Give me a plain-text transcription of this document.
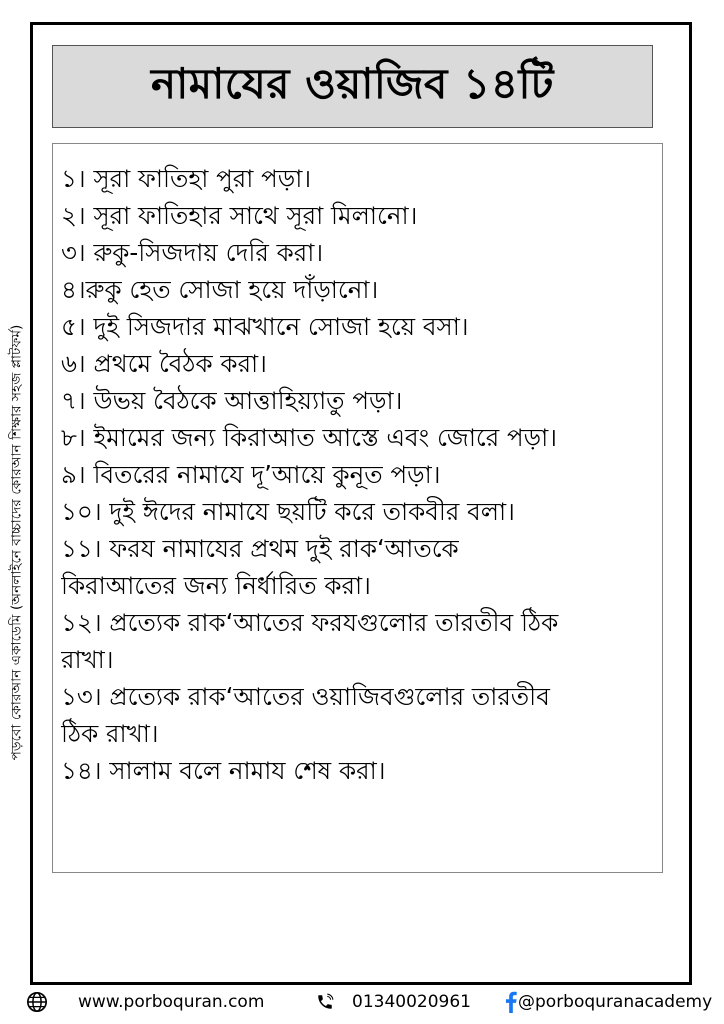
নামাযের ওয়াজিব ১৪টি
১। সূরা ফাতিহা পুরা পড়া।
২। সূরা ফাতিহার সাথে সূরা মিলানো।
৩। রুকু-সিজদায় দেরি করা।
৪।রুকু হেত সোজা হয়ে দাঁড়ানো।
৫। দুই সিজদার মাঝখানে সোজা হয়ে বসা।
৬। প্রথমে বৈঠক করা।
৭। উভয় বৈঠকে আত্তাহিয়্যাতু পড়া।
৮। ইমামের জন্য কিরাআত আস্তে এবং জোরে পড়া।
৯। বিতরের নামাযে দূ’আয়ে কুনূত পড়া।
১০। দুই ঈদের নামাযে ছয়টি করে তাকবীর বলা।
১১। ফরয নামাযের প্রথম দুই রাক‘আতকে
কিরাআতের জন্য নির্ধারিত করা।
১২। প্রত্যেক রাক‘আতের ফরযগুলোর তারতীব ঠিক
রাখা।
১৩। প্রত্যেক রাক‘আতের ওয়াজিবগুলোর তারতীব
ঠিক রাখা।
১৪। সালাম বলে নামায শেষ করা।
পড়বো কোরআন একাডেমি (অনলাইনে বাচ্চাদের কোরআন শিক্ষার সহজ প্লাটফর্ম)
www.porboquran.com	01340020961	@porboquranacademy
